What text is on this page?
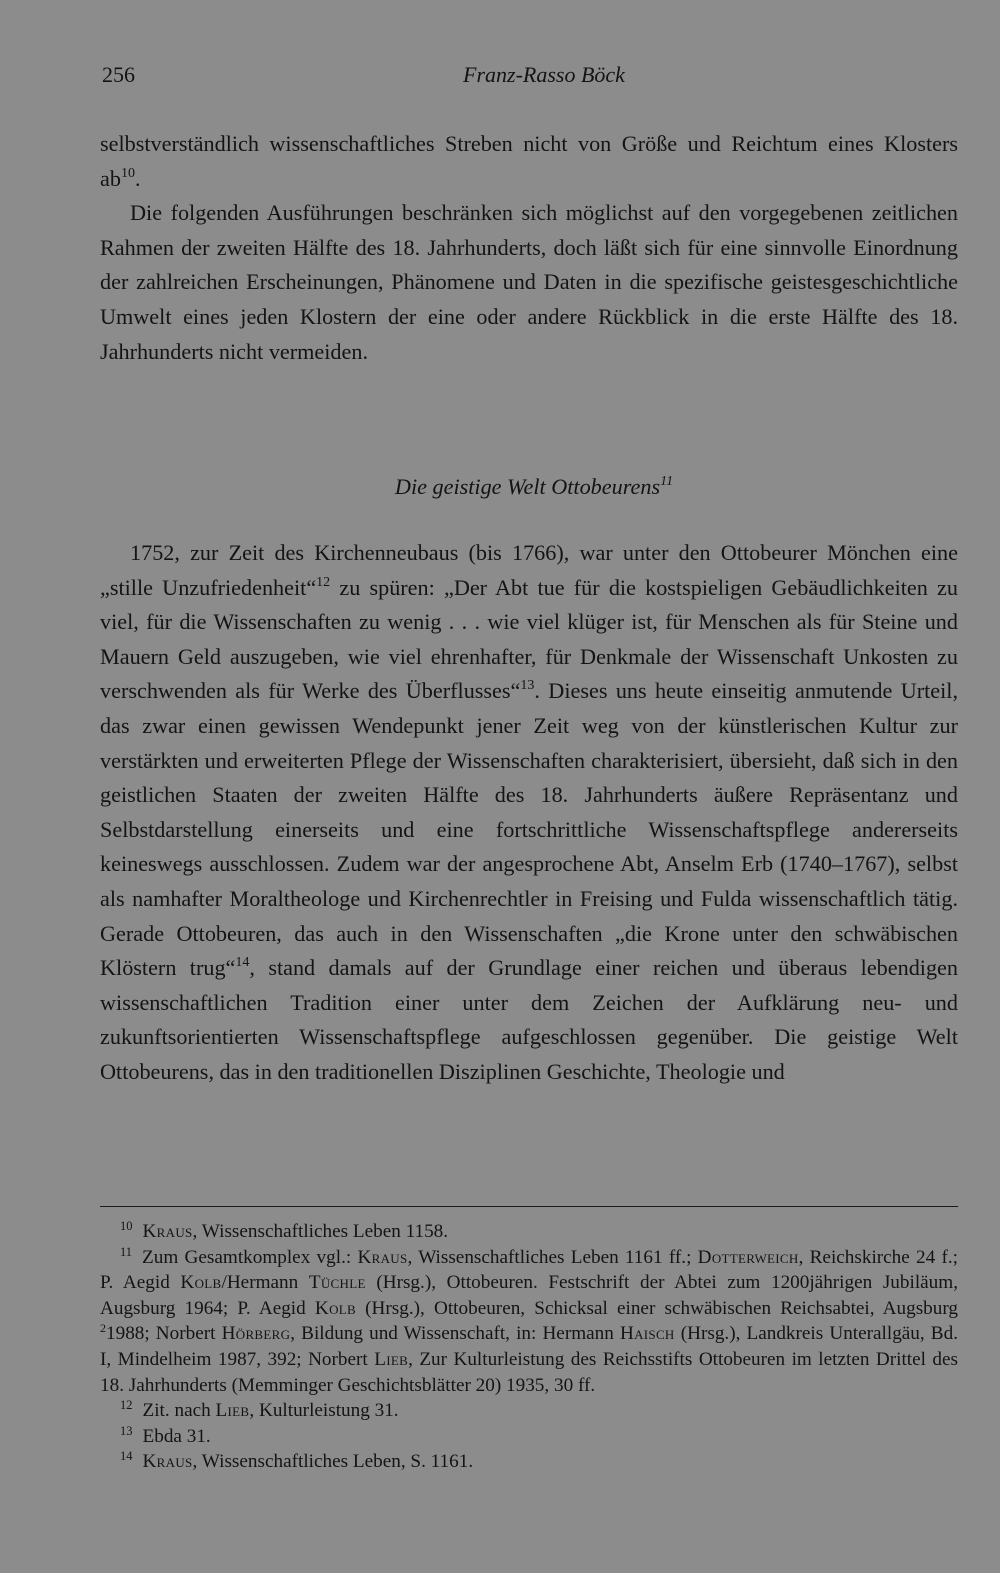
256	Franz-Rasso Böck

selbstverständlich wissenschaftliches Streben nicht von Größe und Reichtum eines Klosters $ab^{10}$.

Die folgenden Ausführungen beschränken sich möglichst auf den vorgegebenen zeitlichen Rahmen der zweiten Hälfte des 18. Jahrhunderts, doch läßt sich für eine sinnvolle Einordnung der zahlreichen Erscheinungen, Phänomene und Daten in die spezifische geistesgeschichtliche Umwelt eines jeden Klostern der eine oder andere Rückblick in die erste Hälfte des 18. Jahrhunderts nicht vermeiden.

Die geistige Welt Ottobeurens$^{11}$

1752, zur Zeit des Kirchenneubaus (bis 1766), war unter den Ottobeurer Mönchen eine „stille Unzufriedenheit“$^{12}$ zu spüren: „Der Abt tue für die kostspieligen Gebäudlichkeiten zu viel, für die Wissenschaften zu wenig . . . wie viel klüger ist, für Menschen als für Steine und Mauern Geld auszugeben, wie viel ehrenhafter, für Denkmale der Wissenschaft Unkosten zu verschwenden als für Werke des Überflusses“$^{13}$. Dieses uns heute einseitig anmutende Urteil, das zwar einen gewissen Wendepunkt jener Zeit weg von der künstlerischen Kultur zur verstärkten und erweiterten Pflege der Wissenschaften charakterisiert, übersieht, daß sich in den geistlichen Staaten der zweiten Hälfte des 18. Jahrhunderts äußere Repräsentanz und Selbstdarstellung einerseits und eine fortschrittliche Wissenschaftspflege andererseits keineswegs ausschlossen. Zudem war der angesprochene Abt, Anselm Erb (1740–1767), selbst als namhafter Moraltheologe und Kirchenrechtler in Freising und Fulda wissenschaftlich tätig. Gerade Ottobeuren, das auch in den Wissenschaften „die Krone unter den schwäbischen Klöstern trug“$^{14}$, stand damals auf der Grundlage einer reichen und überaus lebendigen wissenschaftlichen Tradition einer unter dem Zeichen der Aufklärung neu- und zukunftsorientierten Wissenschaftspflege aufgeschlossen gegenüber. Die geistige Welt Ottobeurens, das in den traditionellen Disziplinen Geschichte, Theologie und

$^{10}$ Kraus, Wissenschaftliches Leben 1158.

$^{11}$ Zum Gesamtkomplex vgl.: Kraus, Wissenschaftliches Leben 1161 ff.; Dotterweich, Reichskirche 24 f.; P. Aegid Kolb/Hermann Tüchle (Hrsg.), Ottobeuren. Festschrift der Abtei zum 1200jährigen Jubiläum, Augsburg 1964; P. Aegid Kolb (Hrsg.), Ottobeuren, Schicksal einer schwäbischen Reichsabtei, Augsburg $^2$1988; Norbert Hörberg, Bildung und Wissenschaft, in: Hermann Haisch (Hrsg.), Landkreis Unterallgäu, Bd. I, Mindelheim 1987, 392; Norbert Lieb, Zur Kulturleistung des Reichsstifts Ottobeuren im letzten Drittel des 18. Jahrhunderts (Memminger Geschichtsblätter 20) 1935, 30 ff.

$^{12}$ Zit. nach Lieb, Kulturleistung 31.

$^{13}$ Ebda 31.

$^{14}$ Kraus, Wissenschaftliches Leben, S. 1161.
